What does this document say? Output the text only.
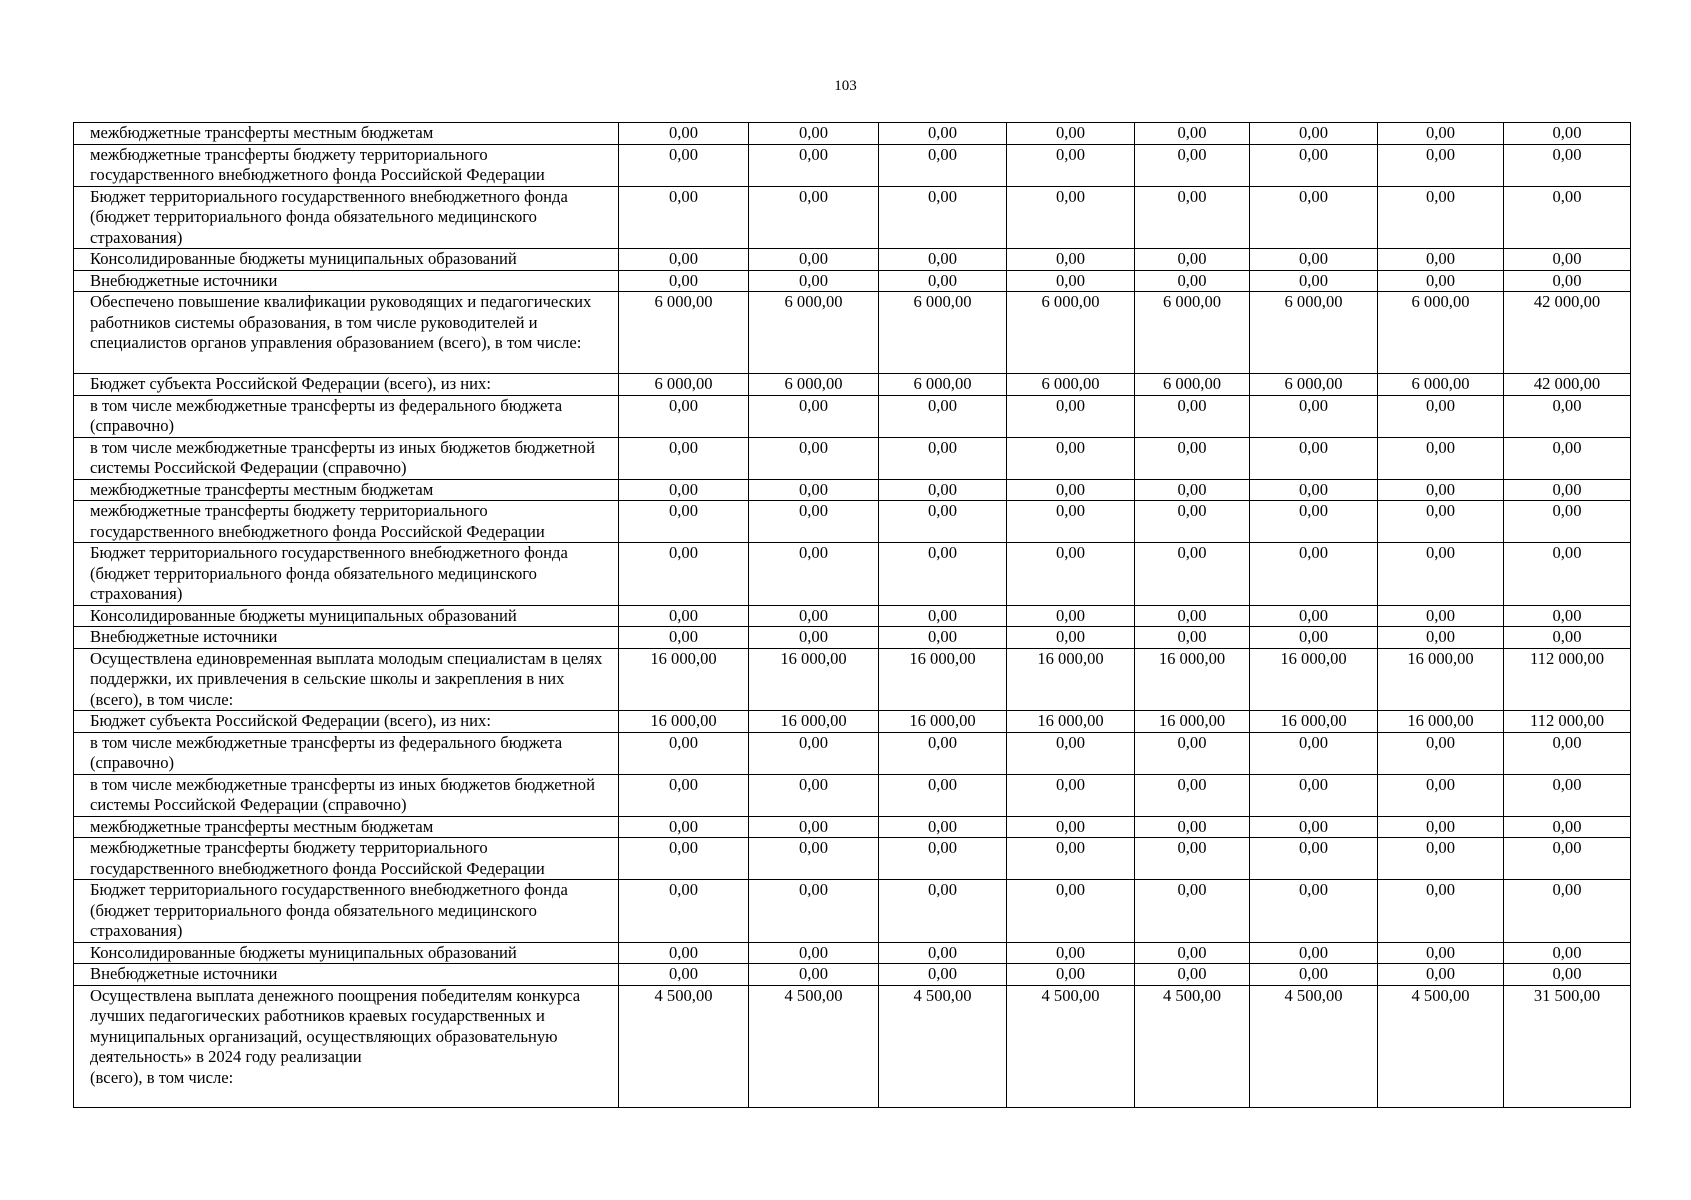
103
межбюджетные трансферты местным бюджетам	0,00	0,00	0,00	0,00	0,00	0,00	0,00	0,00
межбюджетные трансферты бюджету территориального государственного внебюджетного фонда Российской Федерации	0,00	0,00	0,00	0,00	0,00	0,00	0,00	0,00
Бюджет территориального государственного внебюджетного фонда (бюджет территориального фонда обязательного медицинского страхования)	0,00	0,00	0,00	0,00	0,00	0,00	0,00	0,00
Консолидированные бюджеты муниципальных образований	0,00	0,00	0,00	0,00	0,00	0,00	0,00	0,00
Внебюджетные источники	0,00	0,00	0,00	0,00	0,00	0,00	0,00	0,00
Обеспечено повышение квалификации руководящих и педагогических работников системы образования, в том числе руководителей и специалистов органов управления образованием (всего), в том числе:	6 000,00	6 000,00	6 000,00	6 000,00	6 000,00	6 000,00	6 000,00	42 000,00
Бюджет субъекта Российской Федерации (всего), из них:	6 000,00	6 000,00	6 000,00	6 000,00	6 000,00	6 000,00	6 000,00	42 000,00
в том числе межбюджетные трансферты из федерального бюджета (справочно)	0,00	0,00	0,00	0,00	0,00	0,00	0,00	0,00
в том числе межбюджетные трансферты из иных бюджетов бюджетной системы Российской Федерации (справочно)	0,00	0,00	0,00	0,00	0,00	0,00	0,00	0,00
межбюджетные трансферты местным бюджетам	0,00	0,00	0,00	0,00	0,00	0,00	0,00	0,00
межбюджетные трансферты бюджету территориального государственного внебюджетного фонда Российской Федерации	0,00	0,00	0,00	0,00	0,00	0,00	0,00	0,00
Бюджет территориального государственного внебюджетного фонда (бюджет территориального фонда обязательного медицинского страхования)	0,00	0,00	0,00	0,00	0,00	0,00	0,00	0,00
Консолидированные бюджеты муниципальных образований	0,00	0,00	0,00	0,00	0,00	0,00	0,00	0,00
Внебюджетные источники	0,00	0,00	0,00	0,00	0,00	0,00	0,00	0,00
Осуществлена единовременная выплата молодым специалистам в целях поддержки, их привлечения в сельские школы и закрепления в них (всего), в том числе:	16 000,00	16 000,00	16 000,00	16 000,00	16 000,00	16 000,00	16 000,00	112 000,00
Бюджет субъекта Российской Федерации (всего), из них:	16 000,00	16 000,00	16 000,00	16 000,00	16 000,00	16 000,00	16 000,00	112 000,00
в том числе межбюджетные трансферты из федерального бюджета (справочно)	0,00	0,00	0,00	0,00	0,00	0,00	0,00	0,00
в том числе межбюджетные трансферты из иных бюджетов бюджетной системы Российской Федерации (справочно)	0,00	0,00	0,00	0,00	0,00	0,00	0,00	0,00
межбюджетные трансферты местным бюджетам	0,00	0,00	0,00	0,00	0,00	0,00	0,00	0,00
межбюджетные трансферты бюджету территориального государственного внебюджетного фонда Российской Федерации	0,00	0,00	0,00	0,00	0,00	0,00	0,00	0,00
Бюджет территориального государственного внебюджетного фонда (бюджет территориального фонда обязательного медицинского страхования)	0,00	0,00	0,00	0,00	0,00	0,00	0,00	0,00
Консолидированные бюджеты муниципальных образований	0,00	0,00	0,00	0,00	0,00	0,00	0,00	0,00
Внебюджетные источники	0,00	0,00	0,00	0,00	0,00	0,00	0,00	0,00
Осуществлена выплата денежного поощрения победителям конкурса лучших педагогических работников краевых государственных и муниципальных организаций, осуществляющих образовательную деятельность» в 2024 году реализации
(всего), в том числе:	4 500,00	4 500,00	4 500,00	4 500,00	4 500,00	4 500,00	4 500,00	31 500,00
